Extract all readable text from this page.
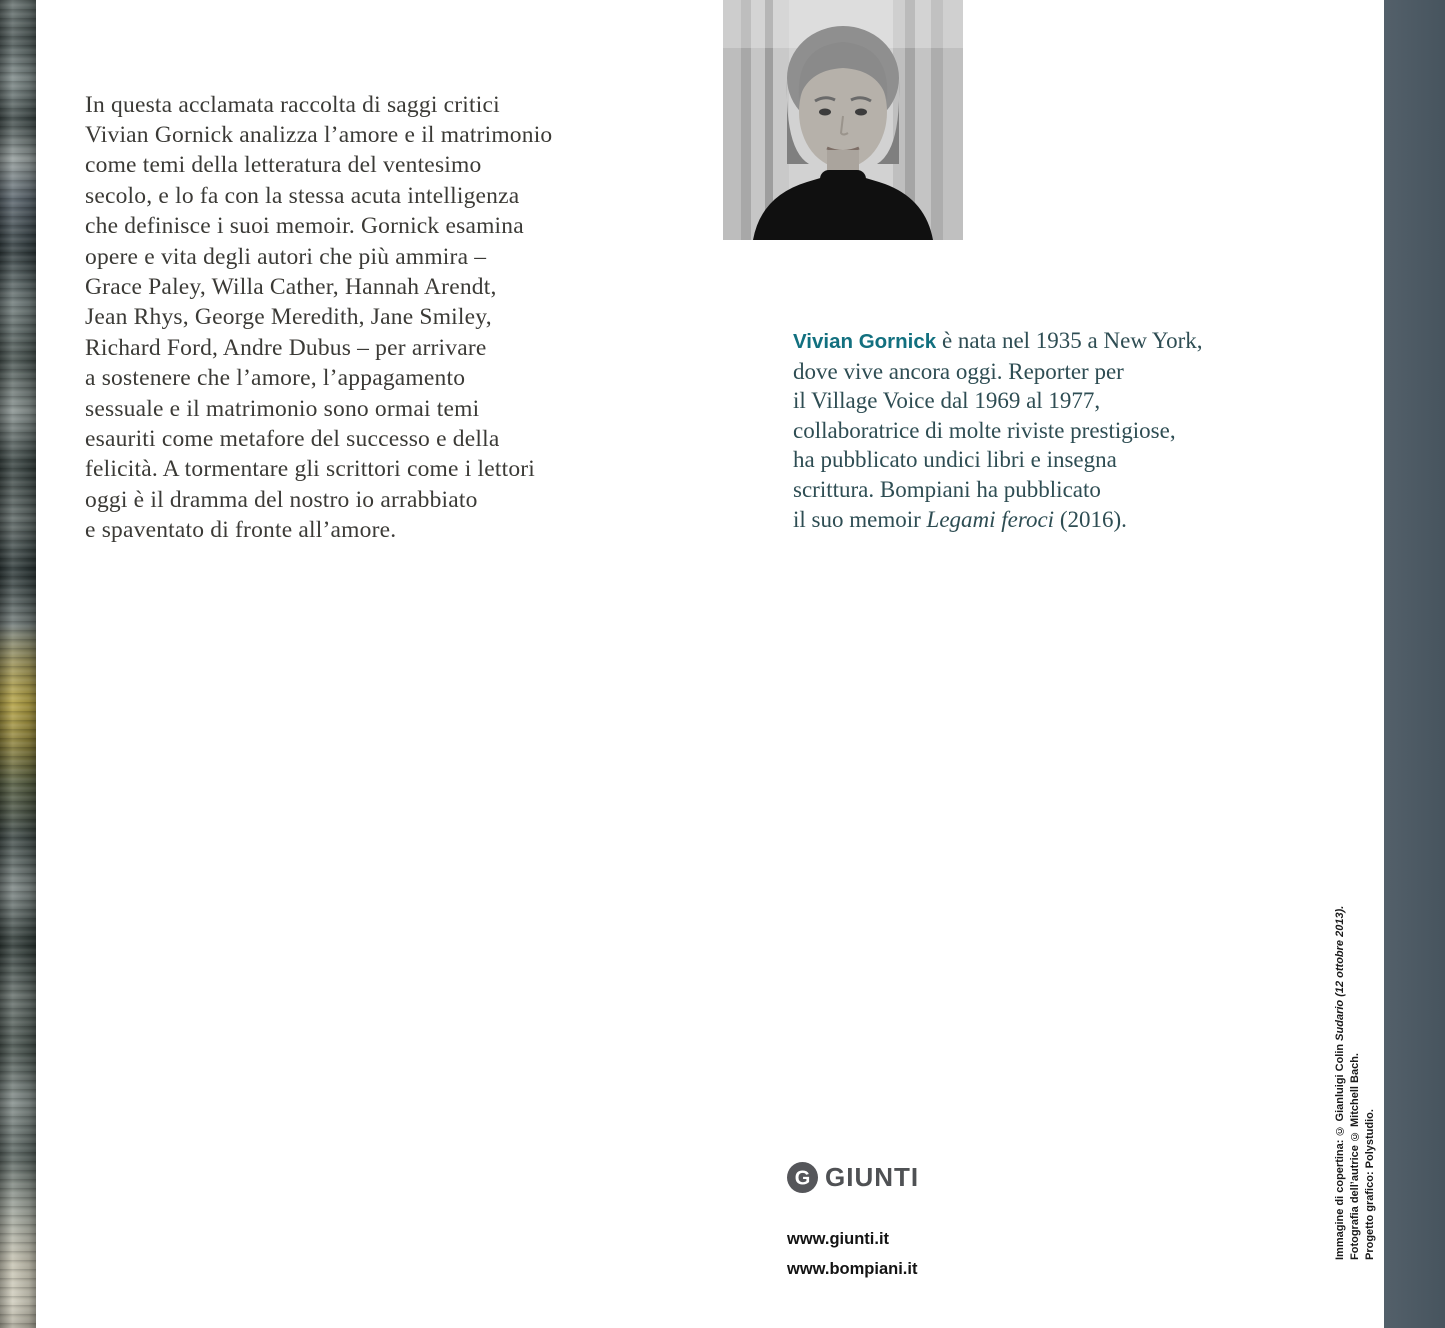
In questa acclamata raccolta di saggi critici
Vivian Gornick analizza l’amore e il matrimonio
come temi della letteratura del ventesimo
secolo, e lo fa con la stessa acuta intelligenza
che definisce i suoi memoir. Gornick esamina
opere e vita degli autori che più ammira –
Grace Paley, Willa Cather, Hannah Arendt,
Jean Rhys, George Meredith, Jane Smiley,
Richard Ford, Andre Dubus – per arrivare
a sostenere che l’amore, l’appagamento
sessuale e il matrimonio sono ormai temi
esauriti come metafore del successo e della
felicità. A tormentare gli scrittori come i lettori
oggi è il dramma del nostro io arrabbiato
e spaventato di fronte all’amore.

Vivian Gornick è nata nel 1935 a New York,
dove vive ancora oggi. Reporter per
il Village Voice dal 1969 al 1977,
collaboratrice di molte riviste prestigiose,
ha pubblicato undici libri e insegna
scrittura. Bompiani ha pubblicato
il suo memoir Legami feroci (2016).

G GIUNTI
www.giunti.it
www.bompiani.it
Immagine di copertina: © Gianluigi Colin Sudario (12 ottobre 2013).
Fotografia dell’autrice © Mitchell Bach. Progetto grafico: Polystudio.
